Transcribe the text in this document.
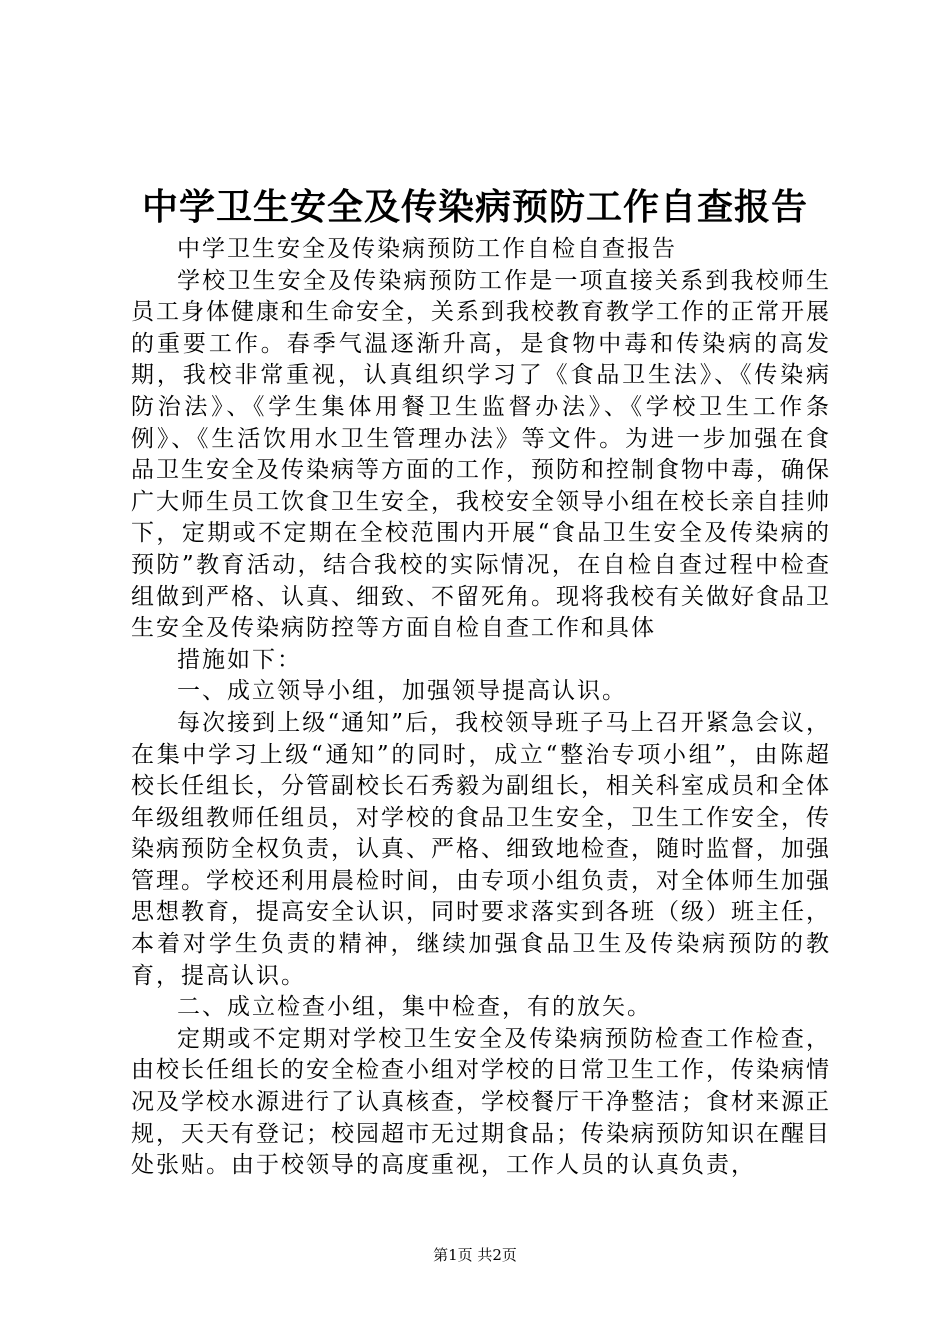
中学卫生安全及传染病预防工作自查报告

中学卫生安全及传染病预防工作自检自查报告

学校卫生安全及传染病预防工作是一项直接关系到我校师生员工身体健康和生命安全，关系到我校教育教学工作的正常开展的重要工作。春季气温逐渐升高，是食物中毒和传染病的高发期，我校非常重视，认真组织学习了《食品卫生法》、《传染病防治法》、《学生集体用餐卫生监督办法》、《学校卫生工作条例》、《生活饮用水卫生管理办法》等文件。为进一步加强在食品卫生安全及传染病等方面的工作，预防和控制食物中毒，确保广大师生员工饮食卫生安全，我校安全领导小组在校长亲自挂帅下，定期或不定期在全校范围内开展“食品卫生安全及传染病的预防”教育活动，结合我校的实际情况，在自检自查过程中检查组做到严格、认真、细致、不留死角。现将我校有关做好食品卫生安全及传染病防控等方面自检自查工作和具体

措施如下：

一、成立领导小组，加强领导提高认识。

每次接到上级“通知”后，我校领导班子马上召开紧急会议，在集中学习上级“通知”的同时，成立“整治专项小组”，由陈超校长任组长，分管副校长石秀毅为副组长，相关科室成员和全体年级组教师任组员，对学校的食品卫生安全，卫生工作安全，传染病预防全权负责，认真、严格、细致地检查，随时监督，加强管理。学校还利用晨检时间，由专项小组负责，对全体师生加强思想教育，提高安全认识，同时要求落实到各班（级）班主任，本着对学生负责的精神，继续加强食品卫生及传染病预防的教育，提高认识。

二、成立检查小组，集中检查，有的放矢。

定期或不定期对学校卫生安全及传染病预防检查工作检查，由校长任组长的安全检查小组对学校的日常卫生工作，传染病情况及学校水源进行了认真核查，学校餐厅干净整洁；食材来源正规，天天有登记；校园超市无过期食品；传染病预防知识在醒目处张贴。由于校领导的高度重视，工作人员的认真负责，

第1页 共2页
